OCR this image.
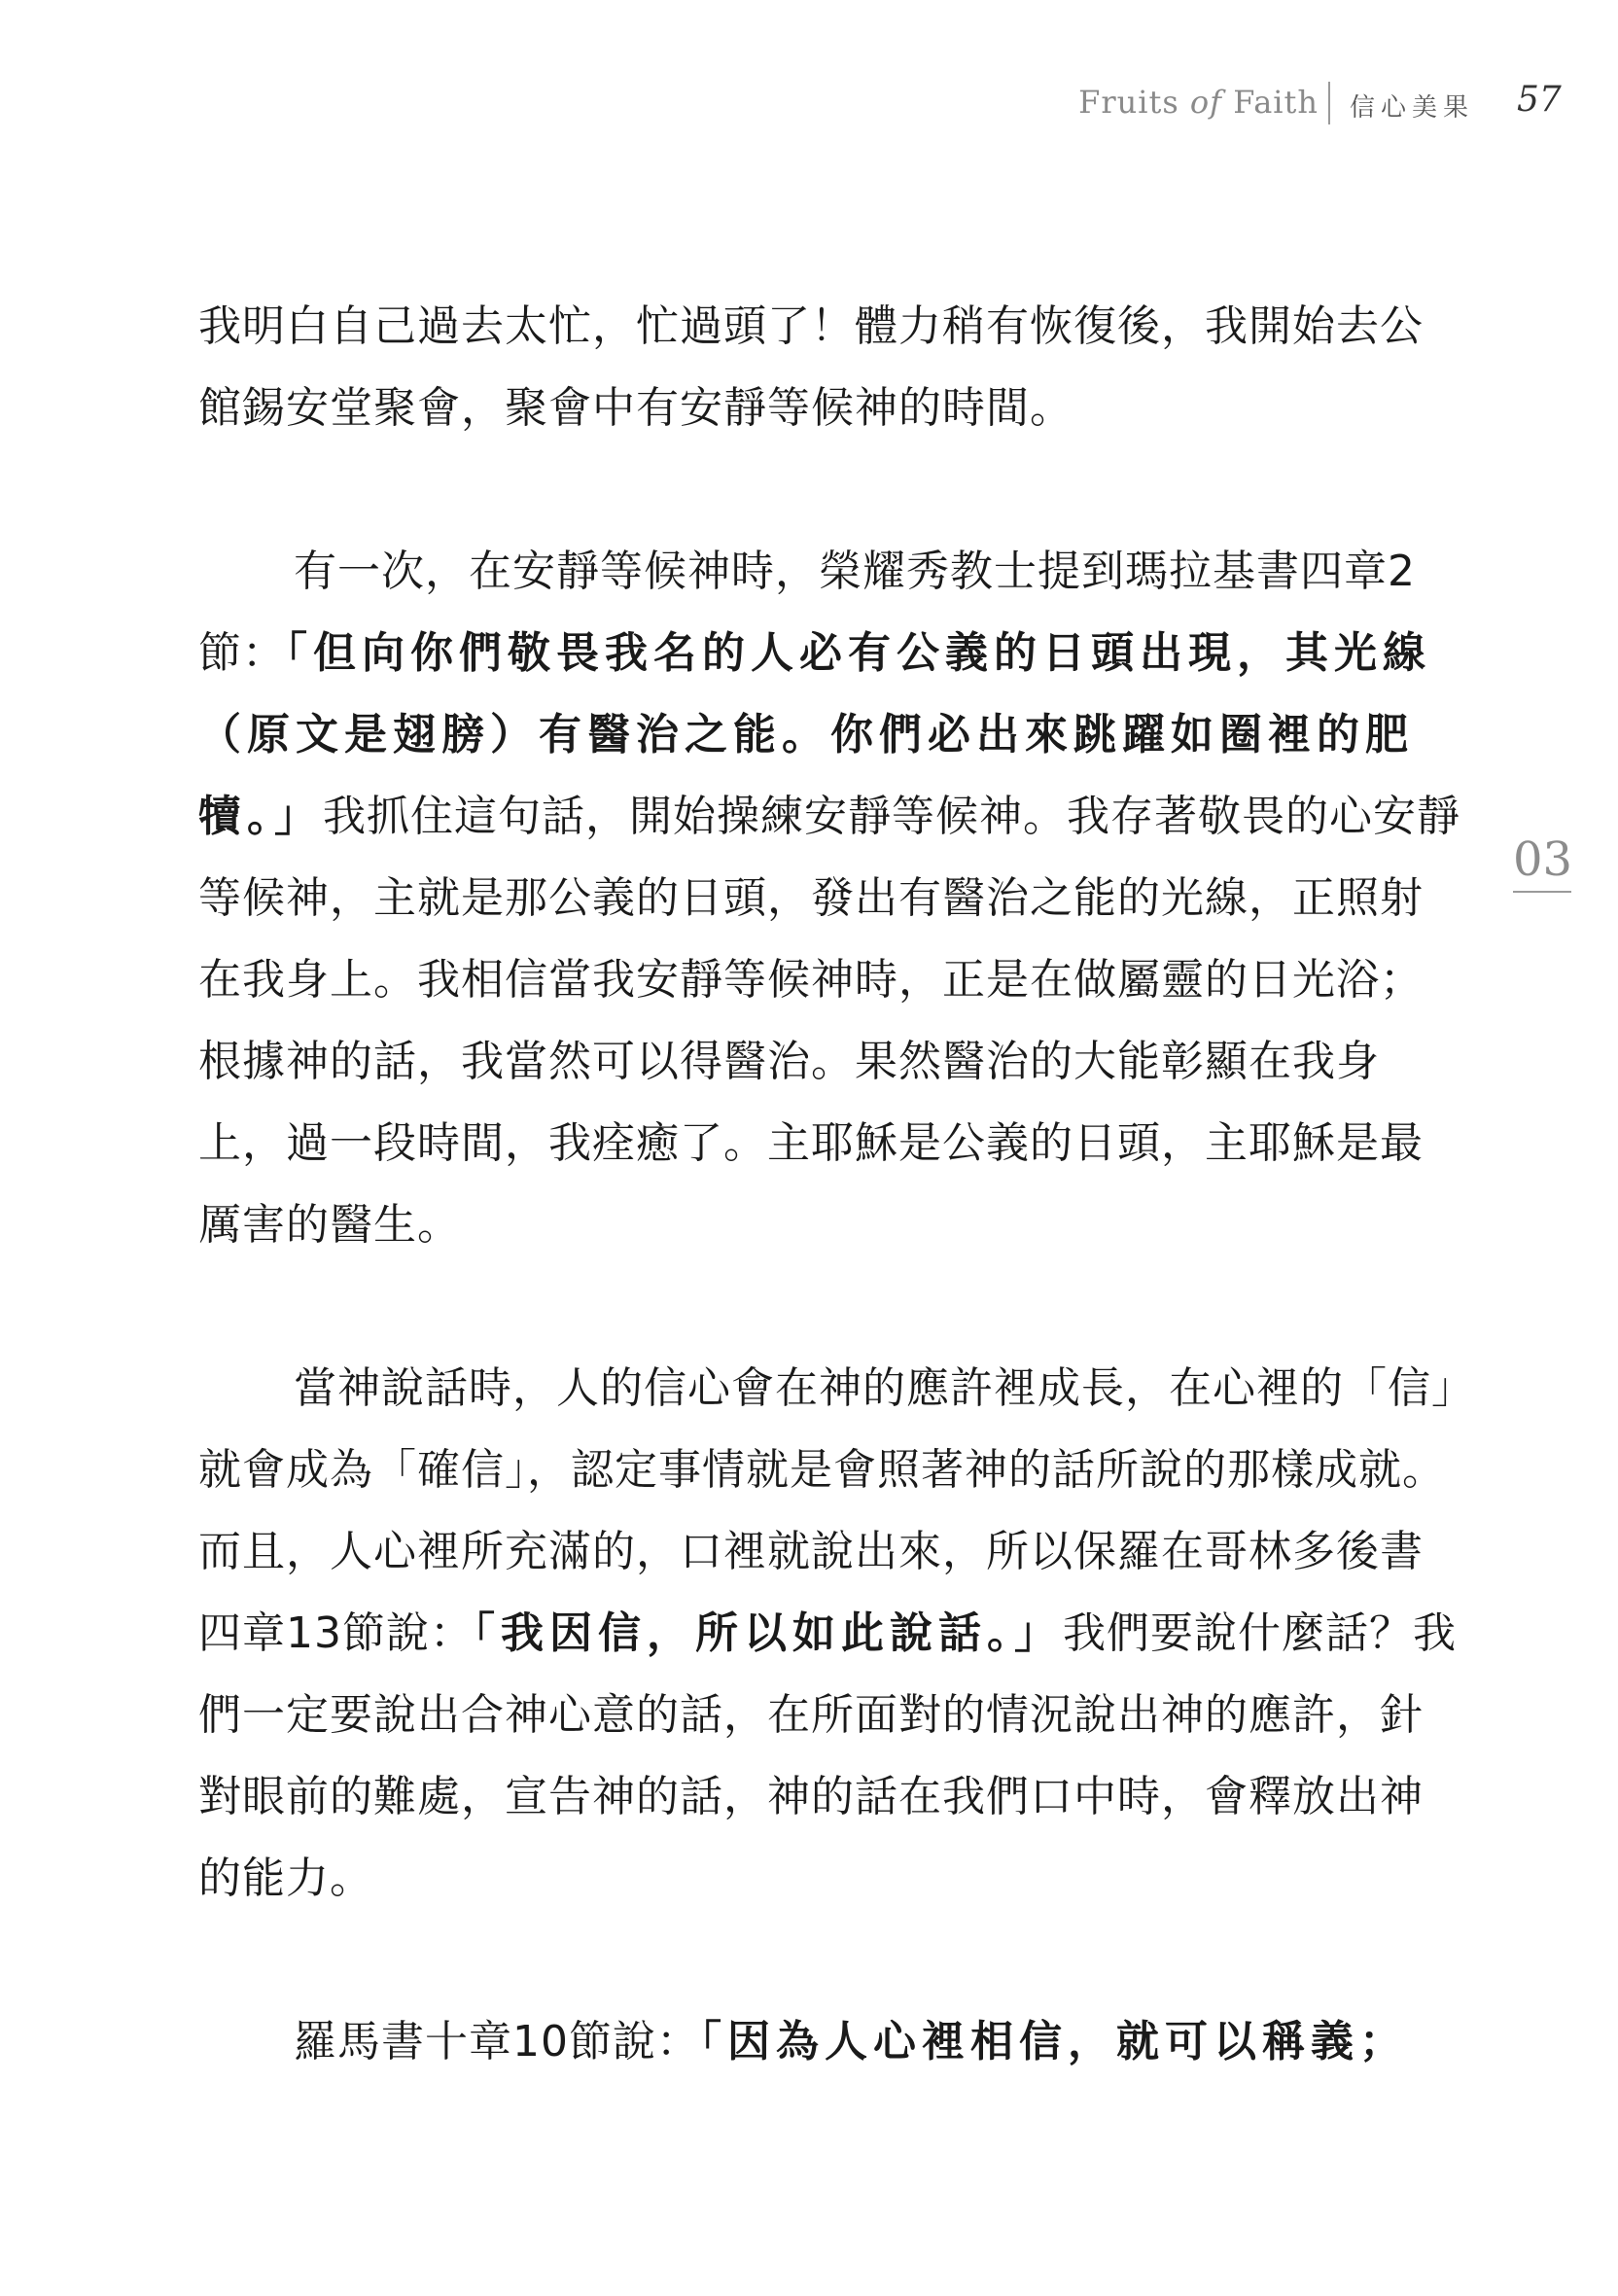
Fruits of Faith 信心美果 57
03

我明白自己過去太忙，忙過頭了！體力稍有恢復後，我開始去公館錫安堂聚會，聚會中有安靜等候神的時間。

有一次，在安靜等候神時，榮耀秀教士提到瑪拉基書四章2節：「但向你們敬畏我名的人必有公義的日頭出現，其光線（原文是翅膀）有醫治之能。你們必出來跳躍如圈裡的肥犢。」我抓住這句話，開始操練安靜等候神。我存著敬畏的心安靜等候神，主就是那公義的日頭，發出有醫治之能的光線，正照射在我身上。我相信當我安靜等候神時，正是在做屬靈的日光浴；根據神的話，我當然可以得醫治。果然醫治的大能彰顯在我身上，過一段時間，我痊癒了。主耶穌是公義的日頭，主耶穌是最厲害的醫生。

當神說話時，人的信心會在神的應許裡成長，在心裡的「信」就會成為「確信」，認定事情就是會照著神的話所說的那樣成就。而且，人心裡所充滿的，口裡就說出來，所以保羅在哥林多後書四章13節說：「我因信，所以如此說話。」我們要說什麼話？我們一定要說出合神心意的話，在所面對的情況說出神的應許，針對眼前的難處，宣告神的話，神的話在我們口中時，會釋放出神的能力。

羅馬書十章10節說：「因為人心裡相信，就可以稱義；
